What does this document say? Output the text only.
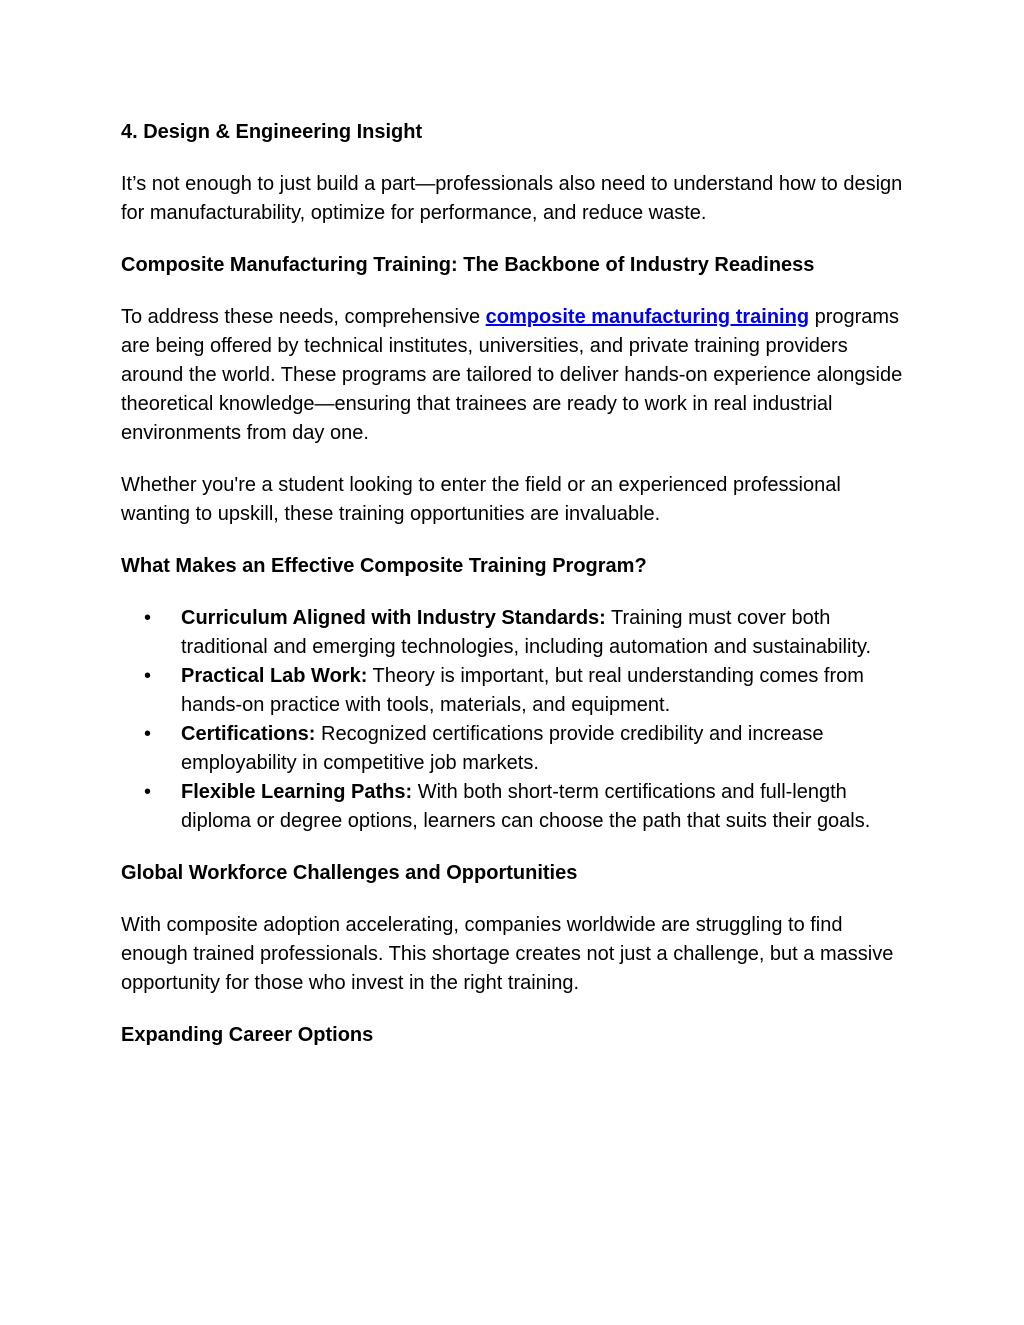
4. Design & Engineering Insight
It’s not enough to just build a part—professionals also need to understand how to design for manufacturability, optimize for performance, and reduce waste.
Composite Manufacturing Training: The Backbone of Industry Readiness
To address these needs, comprehensive composite manufacturing training programs are being offered by technical institutes, universities, and private training providers around the world. These programs are tailored to deliver hands-on experience alongside theoretical knowledge—ensuring that trainees are ready to work in real industrial environments from day one.
Whether you're a student looking to enter the field or an experienced professional wanting to upskill, these training opportunities are invaluable.
What Makes an Effective Composite Training Program?
• Curriculum Aligned with Industry Standards: Training must cover both traditional and emerging technologies, including automation and sustainability.
• Practical Lab Work: Theory is important, but real understanding comes from hands-on practice with tools, materials, and equipment.
• Certifications: Recognized certifications provide credibility and increase employability in competitive job markets.
• Flexible Learning Paths: With both short-term certifications and full-length diploma or degree options, learners can choose the path that suits their goals.
Global Workforce Challenges and Opportunities
With composite adoption accelerating, companies worldwide are struggling to find enough trained professionals. This shortage creates not just a challenge, but a massive opportunity for those who invest in the right training.
Expanding Career Options
